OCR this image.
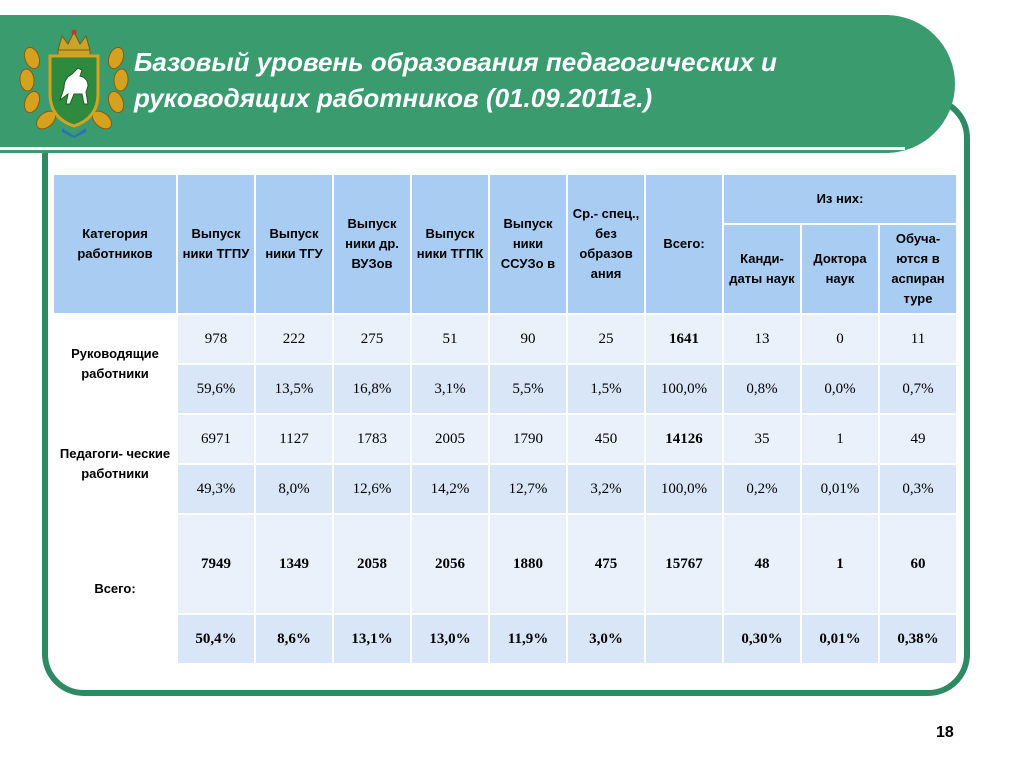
Базовый уровень образования педагогических и
руководящих работников (01.09.2011г.)
Категория работников	Выпуск ники ТГПУ	Выпуск ники ТГУ	Выпуск ники др. ВУЗов	Выпуск ники ТГПК	Выпуск ники ССУЗо в	Ср.- спец., без образов ания	Всего:	Из них:		
								Канди- даты наук	Доктора наук	Обуча- ются в аспиран туре
Руководящие работники	978	222	275	51	90	25	1641	13	0	11
	59,6%	13,5%	16,8%	3,1%	5,5%	1,5%	100,0%	0,8%	0,0%	0,7%
Педагоги- ческие работники	6971	1127	1783	2005	1790	450	14126	35	1	49
	49,3%	8,0%	12,6%	14,2%	12,7%	3,2%	100,0%	0,2%	0,01%	0,3%
Всего:	7949	1349	2058	2056	1880	475	15767	48	1	60
	50,4%	8,6%	13,1%	13,0%	11,9%	3,0%		0,30%	0,01%	0,38%
18
